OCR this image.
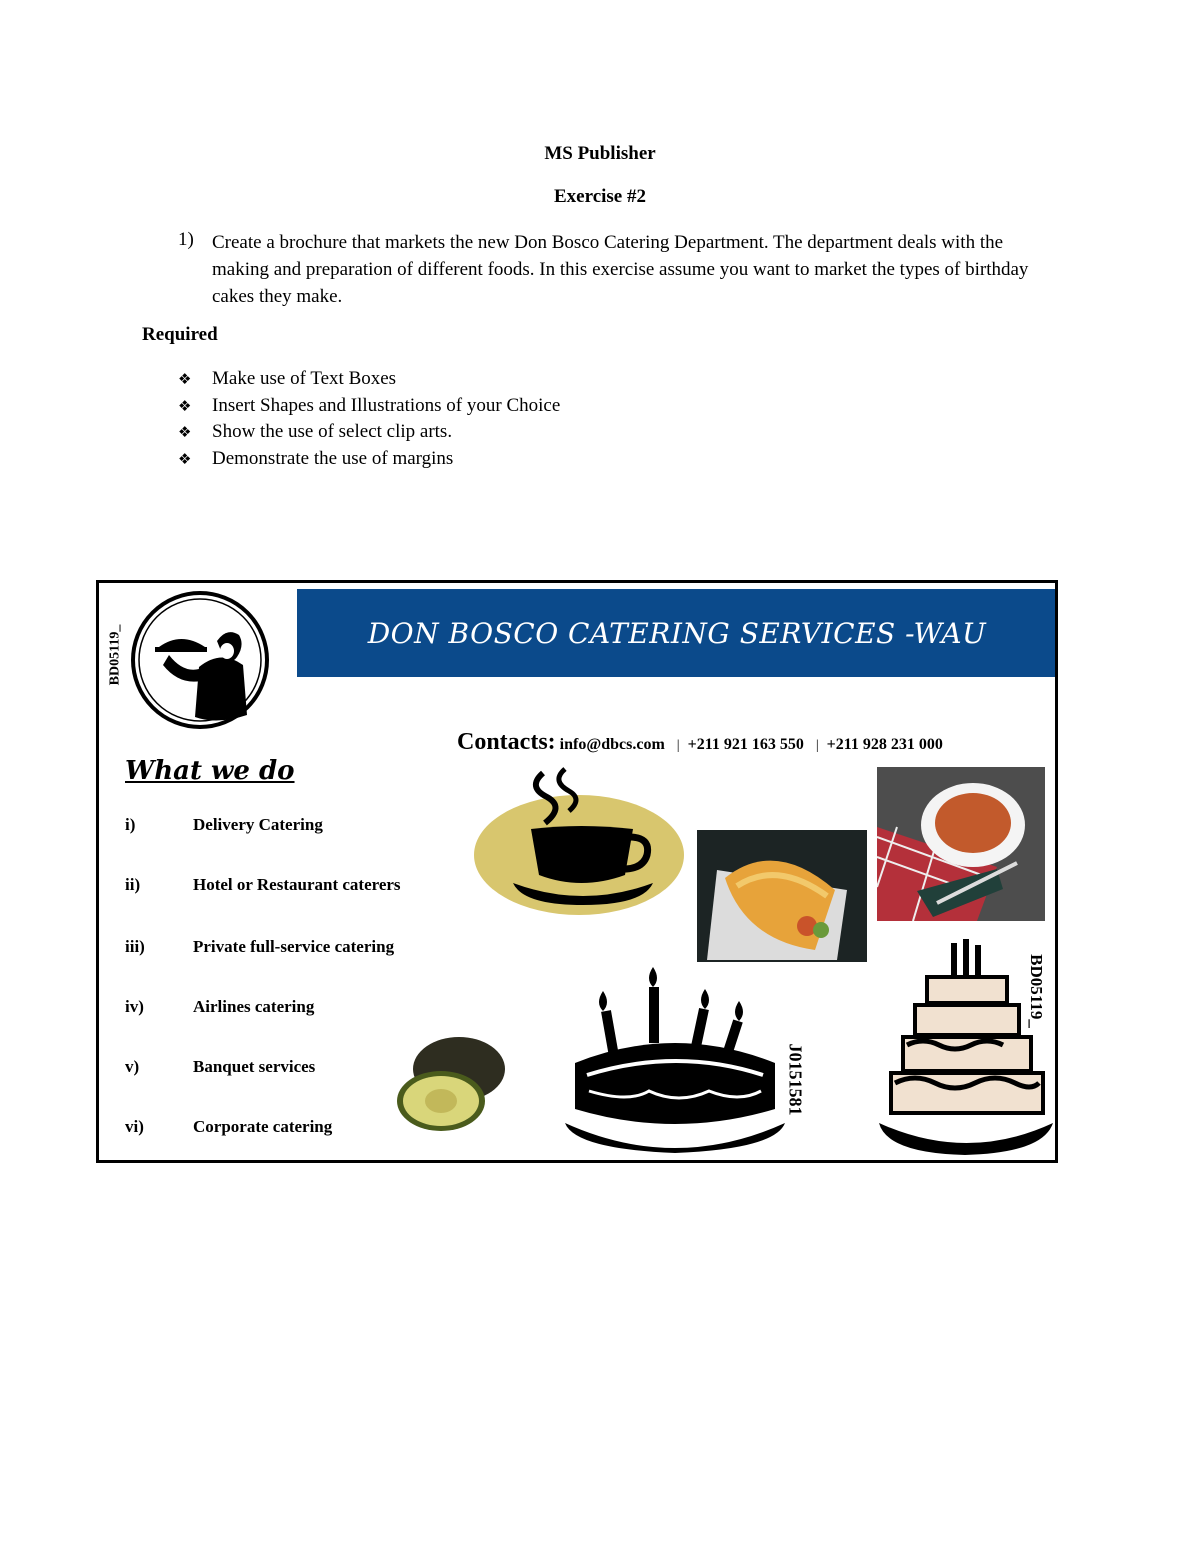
MS Publisher
Exercise #2
1) Create a brochure that markets the new Don Bosco Catering Department. The department deals with the making and preparation of different foods. In this exercise assume you want to market the types of birthday cakes they make.
Required
❖ Make use of Text Boxes
❖ Insert Shapes and Illustrations of your Choice
❖ Show the use of select clip arts.
❖ Demonstrate the use of margins
DON BOSCO CATERING SERVICES -WAU
BD05119_
Contacts: info@dbcs.com | +211 921 163 550 | +211 928 231 000
What we do
i)	Delivery Catering
ii)	Hotel or Restaurant caterers
iii)	Private full-service catering
iv)	Airlines catering
v)	Banquet services
vi)	Corporate catering
J0151581
BD05119_
